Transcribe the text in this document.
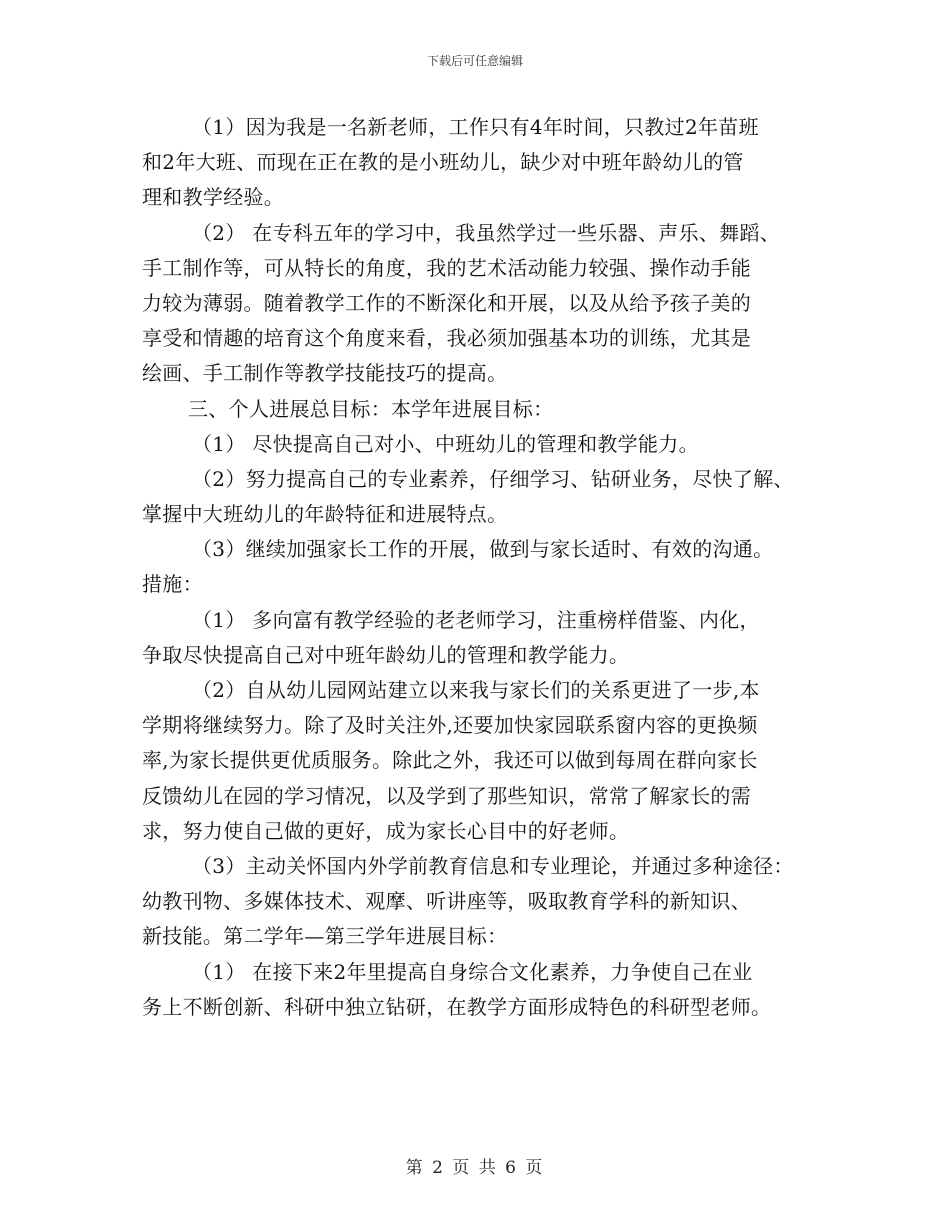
下载后可任意编辑
（1）因为我是一名新老师，工作只有4年时间，只教过2年苗班
和2年大班、而现在正在教的是小班幼儿，缺少对中班年龄幼儿的管
理和教学经验。
（2） 在专科五年的学习中，我虽然学过一些乐器、声乐、舞蹈、
手工制作等，可从特长的角度，我的艺术活动能力较强、操作动手能
力较为薄弱。随着教学工作的不断深化和开展，以及从给予孩子美的
享受和情趣的培育这个角度来看，我必须加强基本功的训练，尤其是
绘画、手工制作等教学技能技巧的提高。
三、个人进展总目标：本学年进展目标：
（1） 尽快提高自己对小、中班幼儿的管理和教学能力。
（2）努力提高自己的专业素养，仔细学习、钻研业务，尽快了解、
掌握中大班幼儿的年龄特征和进展特点。
（3）继续加强家长工作的开展，做到与家长适时、有效的沟通。
措施：
（1） 多向富有教学经验的老老师学习，注重榜样借鉴、内化，
争取尽快提高自己对中班年龄幼儿的管理和教学能力。
（2）自从幼儿园网站建立以来我与家长们的关系更进了一步,本
学期将继续努力。除了及时关注外,还要加快家园联系窗内容的更换频
率,为家长提供更优质服务。除此之外，我还可以做到每周在群向家长
反馈幼儿在园的学习情况，以及学到了那些知识，常常了解家长的需
求，努力使自己做的更好，成为家长心目中的好老师。
（3）主动关怀国内外学前教育信息和专业理论，并通过多种途径：
幼教刊物、多媒体技术、观摩、听讲座等，吸取教育学科的新知识、
新技能。第二学年—第三学年进展目标：
（1） 在接下来2年里提高自身综合文化素养，力争使自己在业
务上不断创新、科研中独立钻研，在教学方面形成特色的科研型老师。
第 2 页 共 6 页
